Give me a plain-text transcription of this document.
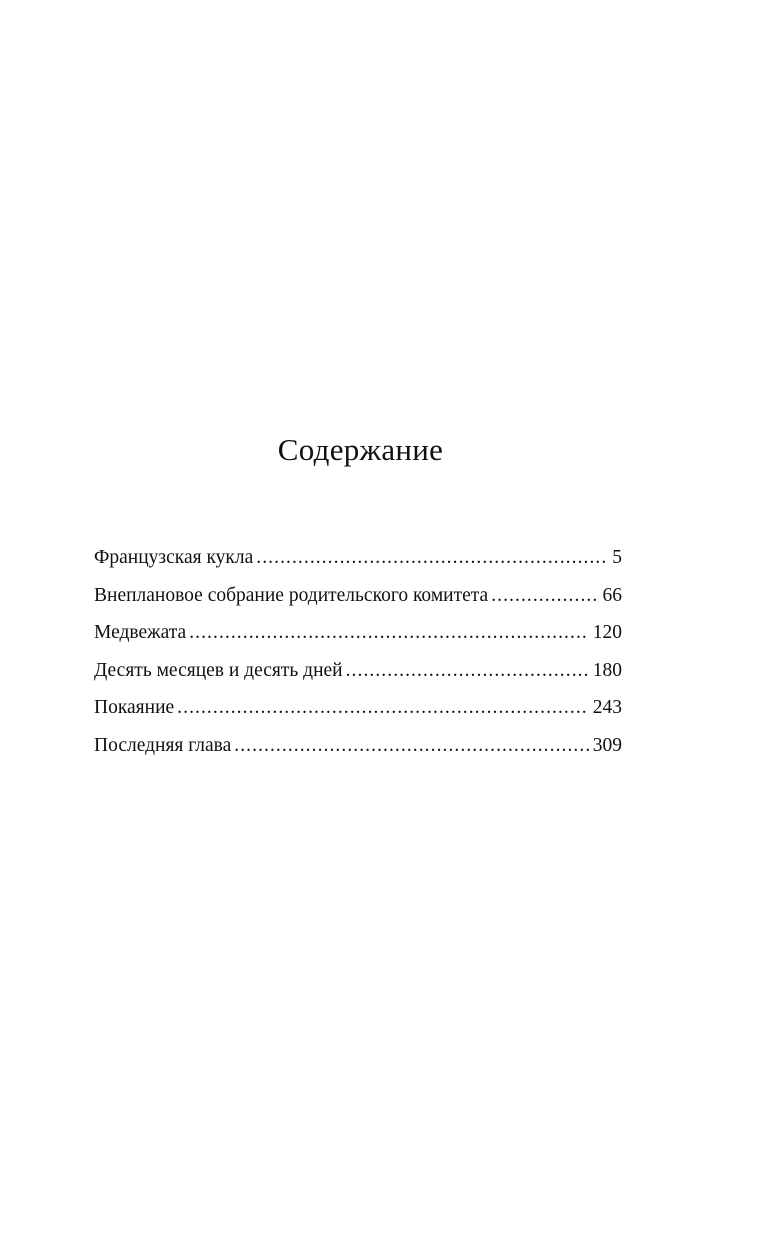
Содержание
Французская кукла . . .	5
Внеплановое собрание родительского комитета . . .	66
Медвежата . . .	120
Десять месяцев и десять дней . . .	180
Покаяние . . .	243
Последняя глава . . .	309
